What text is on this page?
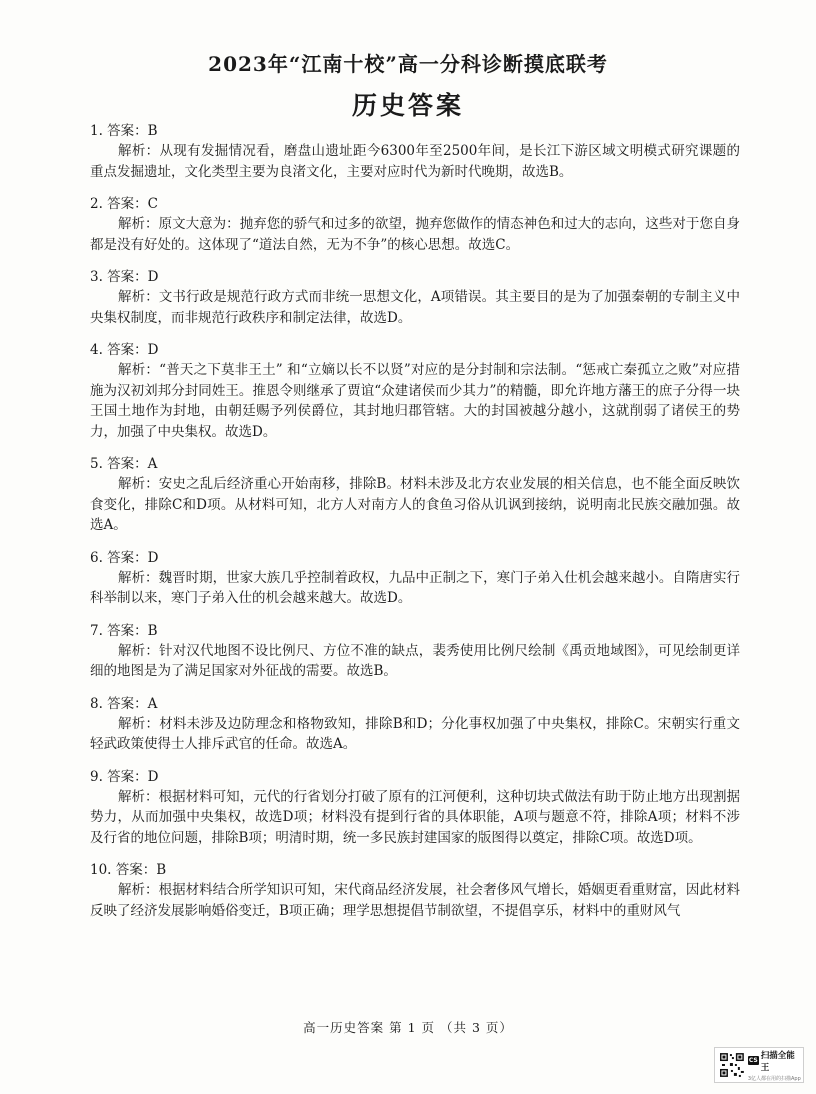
2023年“江南十校”高一分科诊断摸底联考
历史答案
1. 答案：B
解析：从现有发掘情况看，磨盘山遗址距今6300年至2500年间，是长江下游区域文明模式研究课题的重点发掘遗址，文化类型主要为良渚文化，主要对应时代为新时代晚期，故选B。
2. 答案：C
解析：原文大意为：抛弃您的骄气和过多的欲望，抛弃您做作的情态神色和过大的志向，这些对于您自身都是没有好处的。这体现了“道法自然，无为不争”的核心思想。故选C。
3. 答案：D
解析：文书行政是规范行政方式而非统一思想文化，A项错误。其主要目的是为了加强秦朝的专制主义中央集权制度，而非规范行政秩序和制定法律，故选D。
4. 答案：D
解析：“普天之下莫非王土” 和“立嫡以长不以贤”对应的是分封制和宗法制。“惩戒亡秦孤立之败”对应措施为汉初刘邦分封同姓王。推恩令则继承了贾谊“众建诸侯而少其力”的精髓，即允许地方藩王的庶子分得一块王国土地作为封地，由朝廷赐予列侯爵位，其封地归郡管辖。大的封国被越分越小，这就削弱了诸侯王的势力，加强了中央集权。故选D。
5. 答案：A
解析：安史之乱后经济重心开始南移，排除B。材料未涉及北方农业发展的相关信息，也不能全面反映饮食变化，排除C和D项。从材料可知，北方人对南方人的食鱼习俗从讥讽到接纳，说明南北民族交融加强。故选A。
6. 答案：D
解析：魏晋时期，世家大族几乎控制着政权，九品中正制之下，寒门子弟入仕机会越来越小。自隋唐实行科举制以来，寒门子弟入仕的机会越来越大。故选D。
7. 答案：B
解析：针对汉代地图不设比例尺、方位不准的缺点，裴秀使用比例尺绘制《禹贡地域图》，可见绘制更详细的地图是为了满足国家对外征战的需要。故选B。
8. 答案：A
解析：材料未涉及边防理念和格物致知，排除B和D；分化事权加强了中央集权，排除C。宋朝实行重文轻武政策使得士人排斥武官的任命。故选A。
9. 答案：D
解析：根据材料可知，元代的行省划分打破了原有的江河便利，这种切块式做法有助于防止地方出现割据势力，从而加强中央集权，故选D项；材料没有提到行省的具体职能，A项与题意不符，排除A项；材料不涉及行省的地位问题，排除B项；明清时期，统一多民族封建国家的版图得以奠定，排除C项。故选D项。
10. 答案：B
解析：根据材料结合所学知识可知，宋代商品经济发展，社会奢侈风气增长，婚姻更看重财富，因此材料反映了经济发展影响婚俗变迁，B项正确；理学思想提倡节制欲望，不提倡享乐，材料中的重财风气
高一历史答案 第 1 页 （共 3 页）
CS 扫描全能王
3亿人都在用的扫描App
